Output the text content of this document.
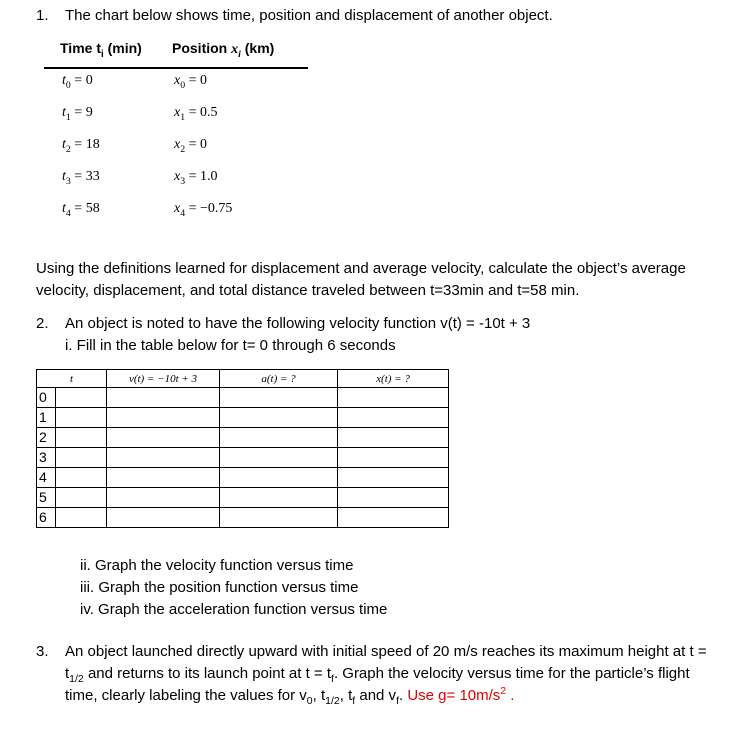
1. The chart below shows time, position and displacement of another object.
Time $t_i$ (min) Position $x_i$ (km)
$t_0 = 0$	$x_0 = 0$
$t_1 = 9$	$x_1 = 0.5$
$t_2 = 18$	$x_2 = 0$
$t_3 = 33$	$x_3 = 1.0$
$t_4 = 58$	$x_4 = -0.75$
Using the definitions learned for displacement and average velocity, calculate the object’s average
velocity, displacement, and total distance traveled between t=33min and t=58 min.
2. An object is noted to have the following velocity function v(t) = -10t + 3
i. Fill in the table below for t= 0 through 6 seconds
t	v(t) = −10t + 3	a(t) = ?	x(t) = ?

0			

1			

2			

3			

4			

5			

6			

ii. Graph the velocity function versus time
iii. Graph the position function versus time
iv. Graph the acceleration function versus time
3. An object launched directly upward with initial speed of 20 m/s reaches its maximum height at t =
$t_{1/2}$ and returns to its launch point at $t = t_f$. Graph the velocity versus time for the particle’s flight
time, clearly labeling the values for $v_0$, $t_{1/2}$, $t_f$ and $v_f$. Use $g= 10m/s^2$ .
